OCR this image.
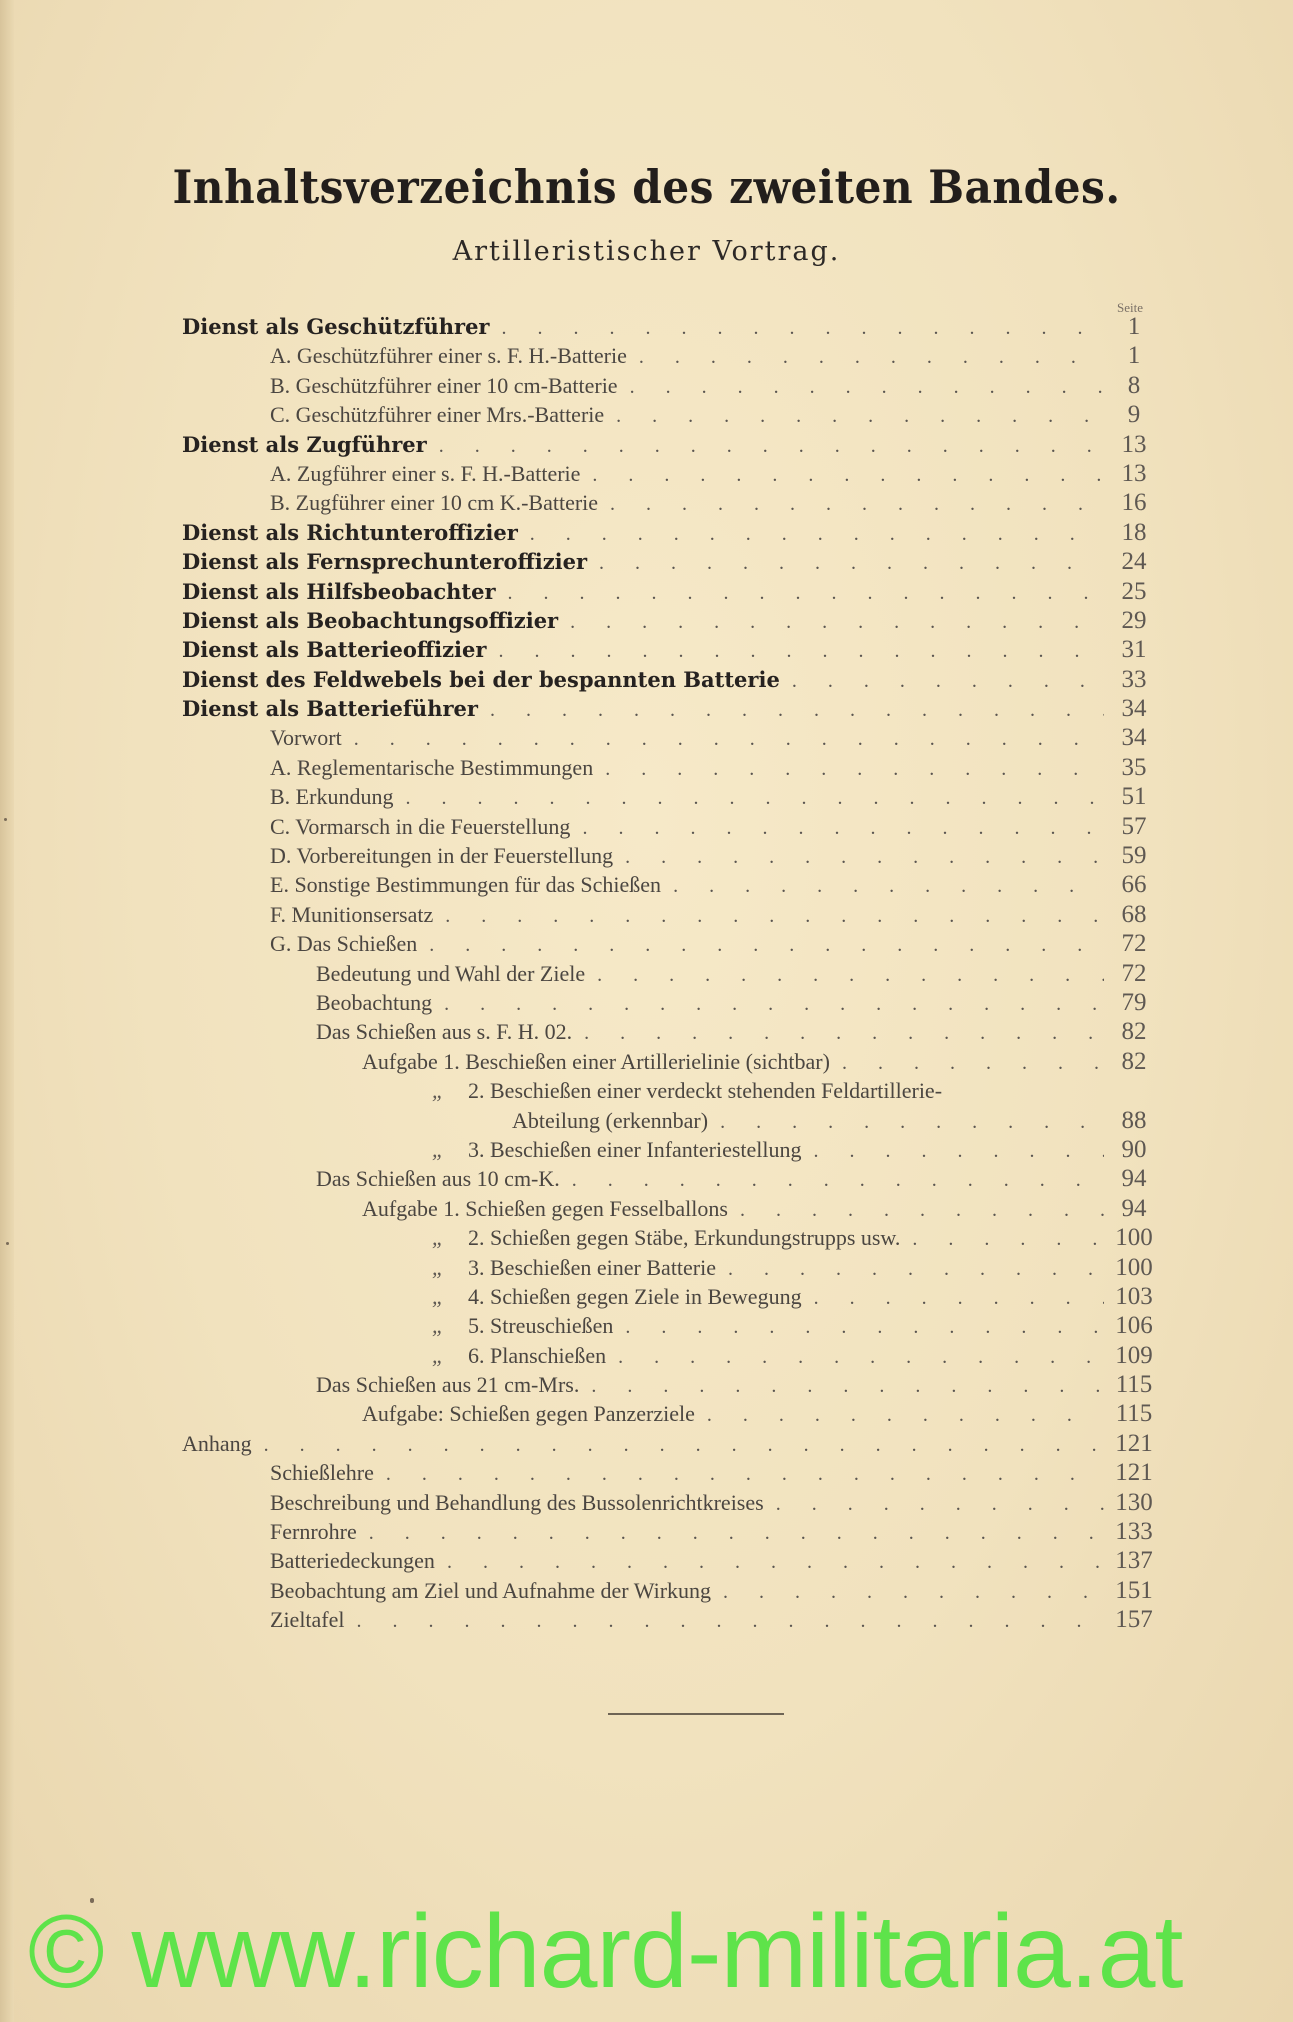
Inhaltsverzeichnis des zweiten Bandes.
Artilleristischer Vortrag.
Seite
Dienst als Geschützführer . . .	1
A. Geschützführer einer s. F. H.-Batterie . . .	1
B. Geschützführer einer 10 cm-Batterie . . .	8
C. Geschützführer einer Mrs.-Batterie . . .	9
Dienst als Zugführer . . .	13
A. Zugführer einer s. F. H.-Batterie . . .	13
B. Zugführer einer 10 cm K.-Batterie . . .	16
Dienst als Richtunteroffizier . . .	18
Dienst als Fernsprechunteroffizier . . .	24
Dienst als Hilfsbeobachter . . .	25
Dienst als Beobachtungsoffizier . . .	29
Dienst als Batterieoffizier . . .	31
Dienst des Feldwebels bei der bespannten Batterie . . .	33
Dienst als Batterieführer . . .	34
Vorwort . . .	34
A. Reglementarische Bestimmungen . . .	35
B. Erkundung . . .	51
C. Vormarsch in die Feuerstellung . . .	57
D. Vorbereitungen in der Feuerstellung . . .	59
E. Sonstige Bestimmungen für das Schießen . . .	66
F. Munitionsersatz . . .	68
G. Das Schießen . . .	72
Bedeutung und Wahl der Ziele . . .	72
Beobachtung . . .	79
Das Schießen aus s. F. H. 02. . . .	82
Aufgabe 1. Beschießen einer Artillerielinie (sichtbar) . . .	82
„ 2. Beschießen einer verdeckt stehenden Feldartillerie-
Abteilung (erkennbar) . . .	88
„ 3. Beschießen einer Infanteriestellung . . .	90
Das Schießen aus 10 cm-K. . . .	94
Aufgabe 1. Schießen gegen Fesselballons . . .	94
„ 2. Schießen gegen Stäbe, Erkundungstrupps usw. . . .	100
„ 3. Beschießen einer Batterie . . .	100
„ 4. Schießen gegen Ziele in Bewegung . . .	103
„ 5. Streuschießen . . .	106
„ 6. Planschießen . . .	109
Das Schießen aus 21 cm-Mrs. . . .	115
Aufgabe: Schießen gegen Panzerziele . . .	115
Anhang . . .	121
Schießlehre . . .	121
Beschreibung und Behandlung des Bussolenrichtkreises . . .	130
Fernrohre . . .	133
Batteriedeckungen . . .	137
Beobachtung am Ziel und Aufnahme der Wirkung . . .	151
Zieltafel . . .	157
© www.richard-militaria.at
